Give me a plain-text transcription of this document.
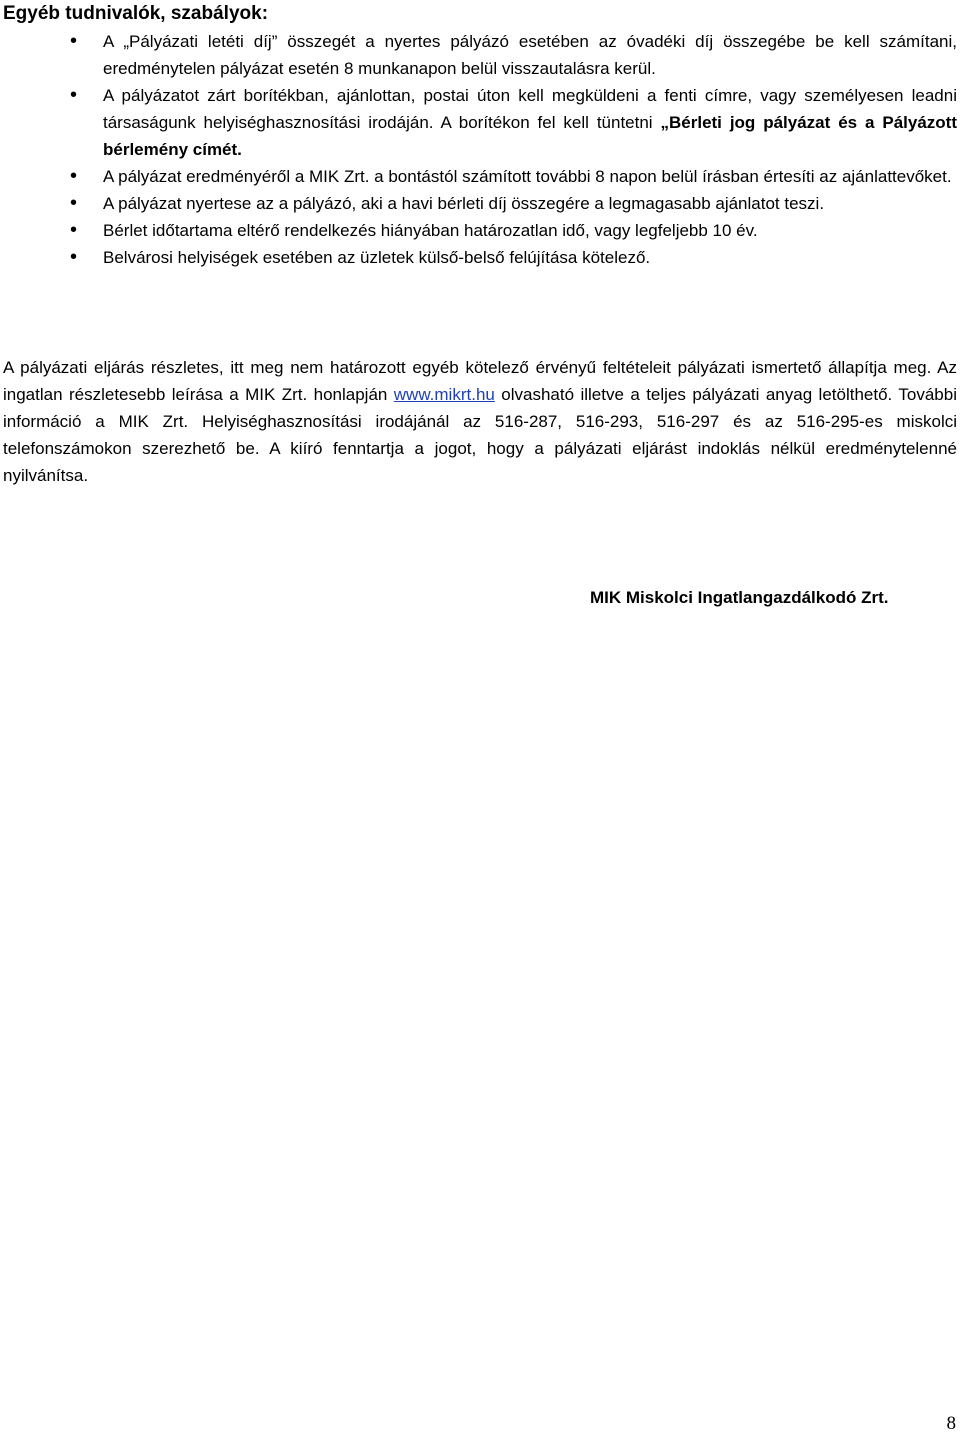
Egyéb tudnivalók, szabályok:
• A „Pályázati letéti díj” összegét a nyertes pályázó esetében az óvadéki díj összegébe be kell számítani, eredménytelen pályázat esetén 8 munkanapon belül visszautalásra kerül.
• A pályázatot zárt borítékban, ajánlottan, postai úton kell megküldeni a fenti címre, vagy személyesen leadni társaságunk helyiséghasznosítási irodáján. A borítékon fel kell tüntetni „Bérleti jog pályázat és a Pályázott bérlemény címét.
• A pályázat eredményéről a MIK Zrt. a bontástól számított további 8 napon belül írásban értesíti az ajánlattevőket.
• A pályázat nyertese az a pályázó, aki a havi bérleti díj összegére a legmagasabb ajánlatot teszi.
• Bérlet időtartama eltérő rendelkezés hiányában határozatlan idő, vagy legfeljebb 10 év.
• Belvárosi helyiségek esetében az üzletek külső-belső felújítása kötelező.

A pályázati eljárás részletes, itt meg nem határozott egyéb kötelező érvényű feltételeit pályázati ismertető állapítja meg. Az ingatlan részletesebb leírása a MIK Zrt. honlapján www.mikrt.hu olvasható illetve a teljes pályázati anyag letölthető. További információ a MIK Zrt. Helyiséghasznosítási irodájánál az 516-287, 516-293, 516-297 és az 516-295-es miskolci telefonszámokon szerezhető be. A kiíró fenntartja a jogot, hogy a pályázati eljárást indoklás nélkül eredménytelenné nyilvánítsa.

MIK Miskolci Ingatlangazdálkodó Zrt.
8
